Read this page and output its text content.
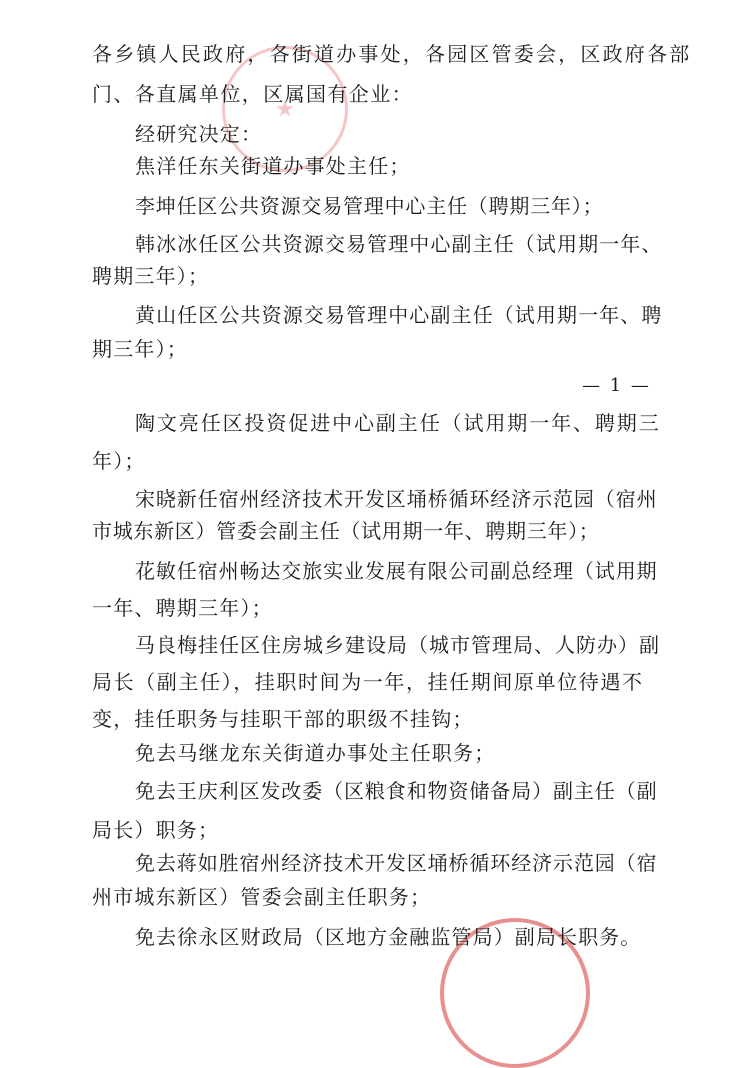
各乡镇人民政府，各街道办事处，各园区管委会，区政府各部
门、各直属单位，区属国有企业：
经研究决定：
焦洋任东关街道办事处主任；
李坤任区公共资源交易管理中心主任（聘期三年）；
韩冰冰任区公共资源交易管理中心副主任（试用期一年、
聘期三年）；
黄山任区公共资源交易管理中心副主任（试用期一年、聘
期三年）；
— 1 —
陶文亮任区投资促进中心副主任（试用期一年、聘期三
年）；
宋晓新任宿州经济技术开发区埇桥循环经济示范园（宿州
市城东新区）管委会副主任（试用期一年、聘期三年）；
花敏任宿州畅达交旅实业发展有限公司副总经理（试用期
一年、聘期三年）；
马良梅挂任区住房城乡建设局（城市管理局、人防办）副
局长（副主任），挂职时间为一年，挂任期间原单位待遇不
变，挂任职务与挂职干部的职级不挂钩；
免去马继龙东关街道办事处主任职务；
免去王庆利区发改委（区粮食和物资储备局）副主任（副
局长）职务；
免去蒋如胜宿州经济技术开发区埇桥循环经济示范园（宿
州市城东新区）管委会副主任职务；
免去徐永区财政局（区地方金融监管局）副局长职务。
